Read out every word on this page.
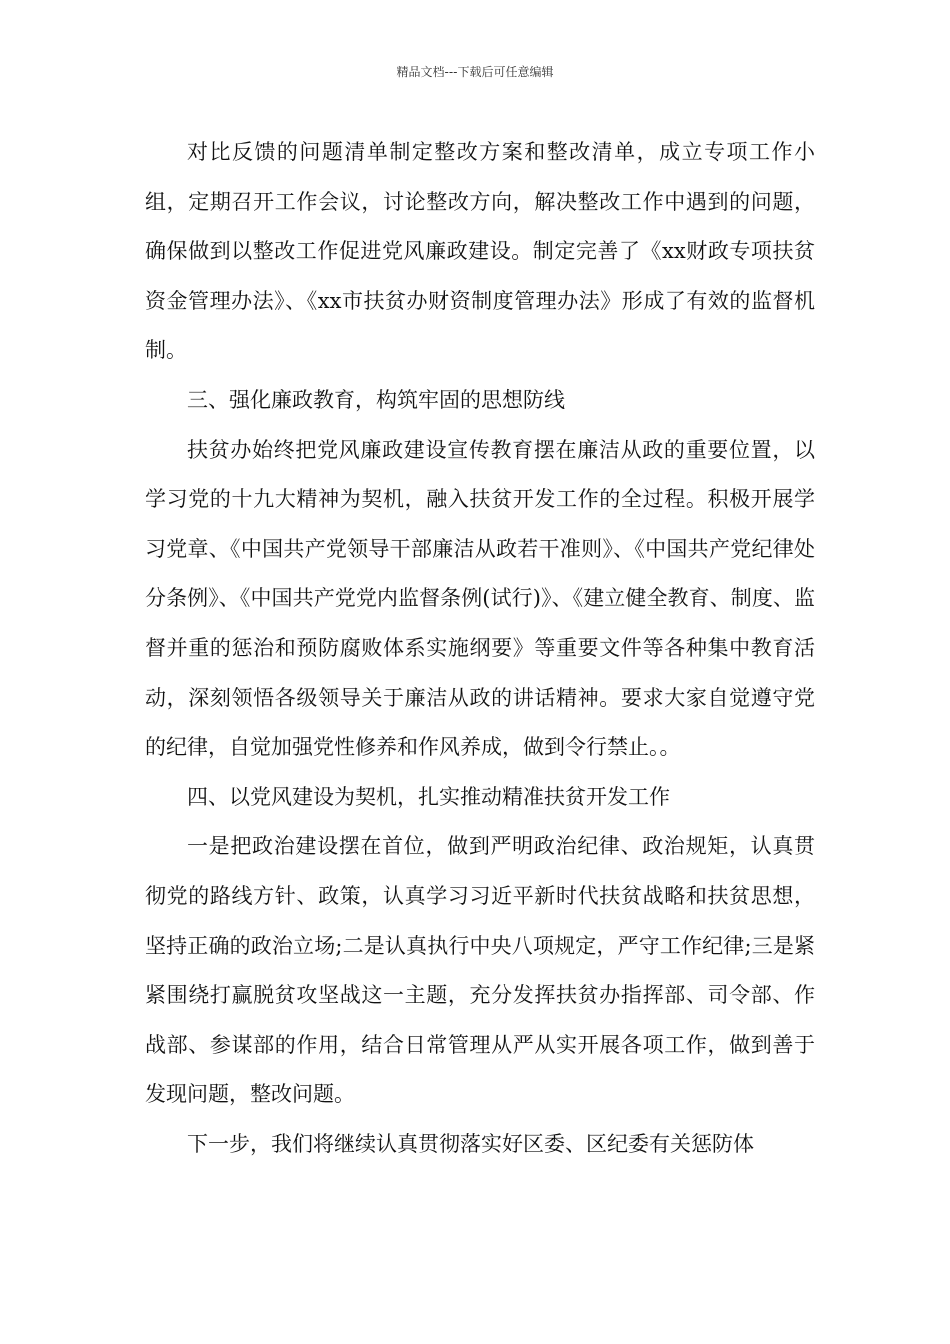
精品文档---下载后可任意编辑

对比反馈的问题清单制定整改方案和整改清单，成立专项工作小组，定期召开工作会议，讨论整改方向，解决整改工作中遇到的问题，确保做到以整改工作促进党风廉政建设。制定完善了《xx财政专项扶贫资金管理办法》、《xx市扶贫办财资制度管理办法》形成了有效的监督机制。

三、强化廉政教育，构筑牢固的思想防线

扶贫办始终把党风廉政建设宣传教育摆在廉洁从政的重要位置，以学习党的十九大精神为契机，融入扶贫开发工作的全过程。积极开展学习党章、《中国共产党领导干部廉洁从政若干准则》、《中国共产党纪律处分条例》、《中国共产党党内监督条例(试行)》、《建立健全教育、制度、监督并重的惩治和预防腐败体系实施纲要》等重要文件等各种集中教育活动，深刻领悟各级领导关于廉洁从政的讲话精神。要求大家自觉遵守党的纪律，自觉加强党性修养和作风养成，做到令行禁止。。

四、以党风建设为契机，扎实推动精准扶贫开发工作

一是把政治建设摆在首位，做到严明政治纪律、政治规矩，认真贯彻党的路线方针、政策，认真学习习近平新时代扶贫战略和扶贫思想，坚持正确的政治立场;二是认真执行中央八项规定，严守工作纪律;三是紧紧围绕打赢脱贫攻坚战这一主题，充分发挥扶贫办指挥部、司令部、作战部、参谋部的作用，结合日常管理从严从实开展各项工作，做到善于发现问题，整改问题。

下一步，我们将继续认真贯彻落实好区委、区纪委有关惩防体
